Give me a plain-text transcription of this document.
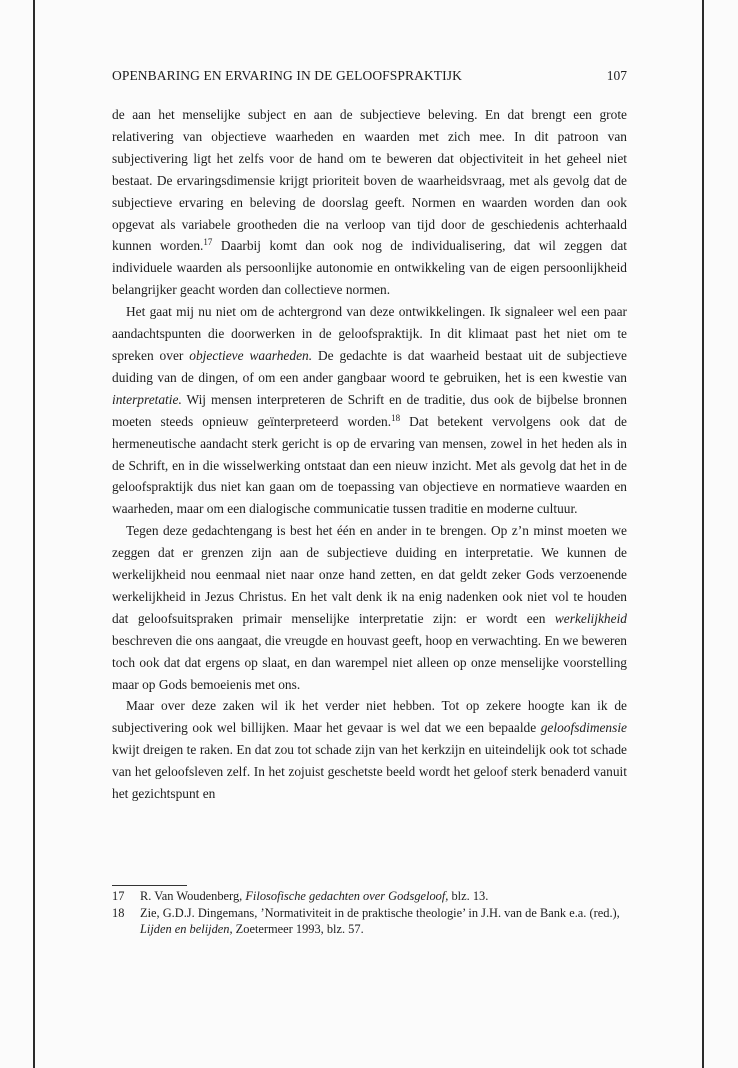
OPENBARING EN ERVARING IN DE GELOOFSPRAKTIJK	107

de aan het menselijke subject en aan de subjectieve beleving. En dat brengt een grote relativering van objectieve waarheden en waarden met zich mee. In dit patroon van subjectivering ligt het zelfs voor de hand om te beweren dat objectiviteit in het geheel niet bestaat. De ervaringsdimensie krijgt prioriteit boven de waarheidsvraag, met als gevolg dat de subjectieve ervaring en beleving de doorslag geeft. Normen en waarden worden dan ook opgevat als variabele grootheden die na verloop van tijd door de geschiedenis achterhaald kunnen worden.$^{17}$ Daarbij komt dan ook nog de individualisering, dat wil zeggen dat individuele waarden als persoonlijke autonomie en ontwikkeling van de eigen persoonlijkheid belangrijker geacht worden dan collectieve normen.

Het gaat mij nu niet om de achtergrond van deze ontwikkelingen. Ik signaleer wel een paar aandachtspunten die doorwerken in de geloofspraktijk. In dit klimaat past het niet om te spreken over objectieve waarheden. De gedachte is dat waarheid bestaat uit de subjectieve duiding van de dingen, of om een ander gangbaar woord te gebruiken, het is een kwestie van interpretatie. Wij mensen interpreteren de Schrift en de traditie, dus ook de bijbelse bronnen moeten steeds opnieuw geïnterpreteerd worden.$^{18}$ Dat betekent vervolgens ook dat de hermeneutische aandacht sterk gericht is op de ervaring van mensen, zowel in het heden als in de Schrift, en in die wisselwerking ontstaat dan een nieuw inzicht. Met als gevolg dat het in de geloofspraktijk dus niet kan gaan om de toepassing van objectieve en normatieve waarden en waarheden, maar om een dialogische communicatie tussen traditie en moderne cultuur.

Tegen deze gedachtengang is best het één en ander in te brengen. Op z’n minst moeten we zeggen dat er grenzen zijn aan de subjectieve duiding en interpretatie. We kunnen de werkelijkheid nou eenmaal niet naar onze hand zetten, en dat geldt zeker Gods verzoenende werkelijkheid in Jezus Christus. En het valt denk ik na enig nadenken ook niet vol te houden dat geloofsuitspraken primair menselijke interpretatie zijn: er wordt een werkelijkheid beschreven die ons aangaat, die vreugde en houvast geeft, hoop en verwachting. En we beweren toch ook dat dat ergens op slaat, en dan warempel niet alleen op onze menselijke voorstelling maar op Gods bemoeienis met ons.

Maar over deze zaken wil ik het verder niet hebben. Tot op zekere hoogte kan ik de subjectivering ook wel billijken. Maar het gevaar is wel dat we een bepaalde geloofsdimensie kwijt dreigen te raken. En dat zou tot schade zijn van het kerkzijn en uiteindelijk ook tot schade van het geloofsleven zelf. In het zojuist geschetste beeld wordt het geloof sterk benaderd vanuit het gezichtspunt en

17 R. Van Woudenberg, Filosofische gedachten over Godsgeloof, blz. 13.
18 Zie, G.D.J. Dingemans, ’Normativiteit in de praktische theologie’ in J.H. van de Bank e.a. (red.), Lijden en belijden, Zoetermeer 1993, blz. 57.
